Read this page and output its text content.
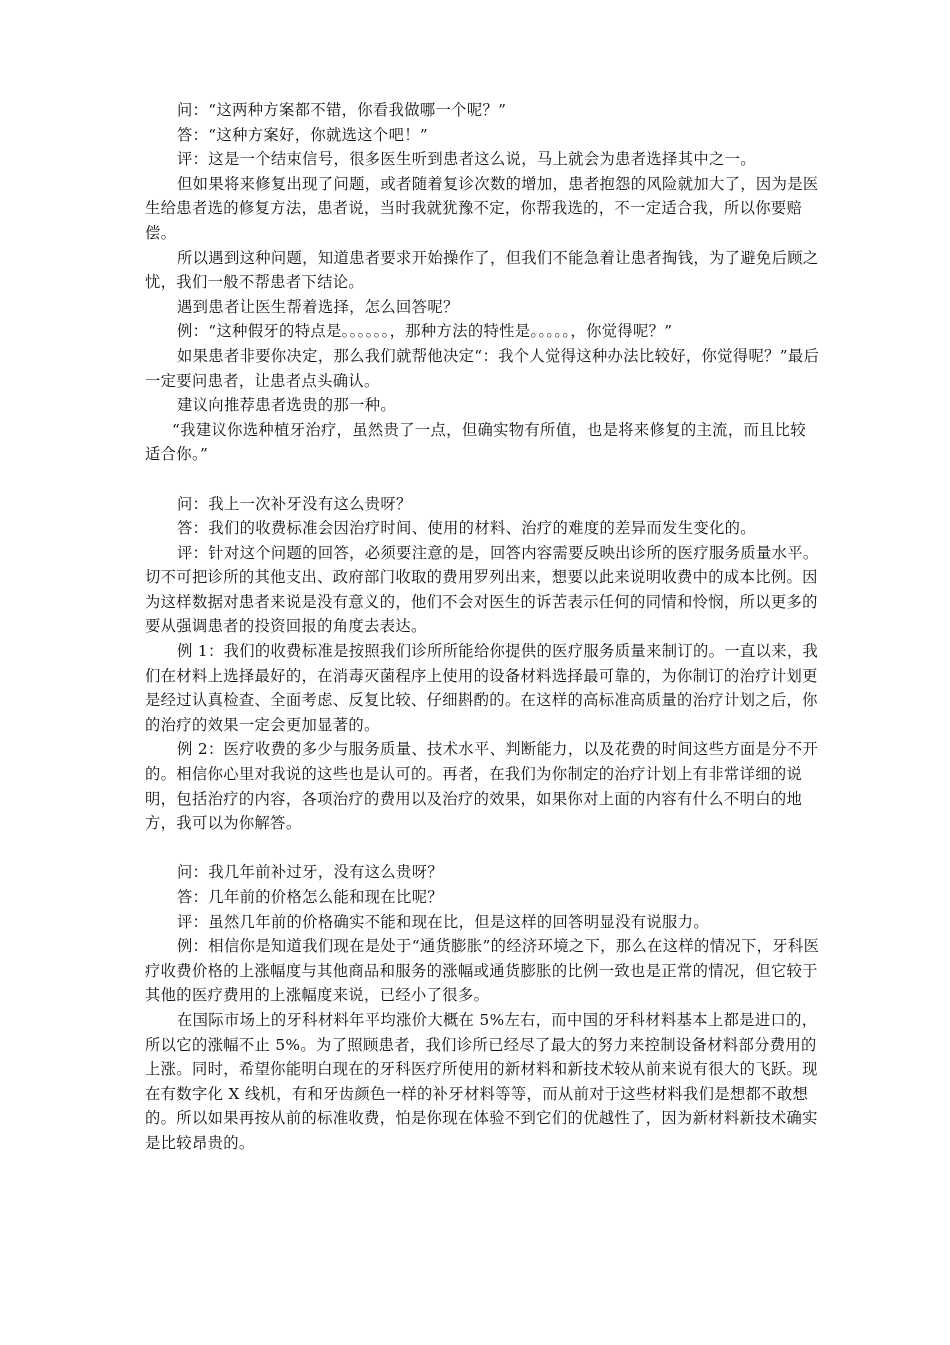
问：“这两种方案都不错，你看我做哪一个呢？”

答：“这种方案好，你就选这个吧！”

评：这是一个结束信号，很多医生听到患者这么说，马上就会为患者选择其中之一。

但如果将来修复出现了问题，或者随着复诊次数的增加，患者抱怨的风险就加大了，因为是医生给患者选的修复方法，患者说，当时我就犹豫不定，你帮我选的，不一定适合我，所以你要赔偿。

所以遇到这种问题，知道患者要求开始操作了，但我们不能急着让患者掏钱，为了避免后顾之忧，我们一般不帮患者下结论。

遇到患者让医生帮着选择，怎么回答呢？

例：“这种假牙的特点是。。。。。。，那种方法的特性是。。。。。，你觉得呢？”

如果患者非要你决定，那么我们就帮他决定“：我个人觉得这种办法比较好，你觉得呢？”最后一定要问患者，让患者点头确认。

建议向推荐患者选贵的那一种。

“我建议你选种植牙治疗，虽然贵了一点，但确实物有所值，也是将来修复的主流，而且比较适合你。”

问：我上一次补牙没有这么贵呀？

答：我们的收费标准会因治疗时间、使用的材料、治疗的难度的差异而发生变化的。

评：针对这个问题的回答，必须要注意的是，回答内容需要反映出诊所的医疗服务质量水平。切不可把诊所的其他支出、政府部门收取的费用罗列出来，想要以此来说明收费中的成本比例。因为这样数据对患者来说是没有意义的，他们不会对医生的诉苦表示任何的同情和怜悯，所以更多的要从强调患者的投资回报的角度去表达。

例 1：我们的收费标准是按照我们诊所所能给你提供的医疗服务质量来制订的。一直以来，我们在材料上选择最好的，在消毒灭菌程序上使用的设备材料选择最可靠的，为你制订的治疗计划更是经过认真检查、全面考虑、反复比较、仔细斟酌的。在这样的高标准高质量的治疗计划之后，你的治疗的效果一定会更加显著的。

例 2：医疗收费的多少与服务质量、技术水平、判断能力，以及花费的时间这些方面是分不开的。相信你心里对我说的这些也是认可的。再者，在我们为你制定的治疗计划上有非常详细的说明，包括治疗的内容，各项治疗的费用以及治疗的效果，如果你对上面的内容有什么不明白的地方，我可以为你解答。

问：我几年前补过牙，没有这么贵呀？

答：几年前的价格怎么能和现在比呢？

评：虽然几年前的价格确实不能和现在比，但是这样的回答明显没有说服力。

例：相信你是知道我们现在是处于“通货膨胀”的经济环境之下，那么在这样的情况下，牙科医疗收费价格的上涨幅度与其他商品和服务的涨幅或通货膨胀的比例一致也是正常的情况，但它较于其他的医疗费用的上涨幅度来说，已经小了很多。

在国际市场上的牙科材料年平均涨价大概在 5%左右，而中国的牙科材料基本上都是进口的，所以它的涨幅不止 5%。为了照顾患者，我们诊所已经尽了最大的努力来控制设备材料部分费用的上涨。同时，希望你能明白现在的牙科医疗所使用的新材料和新技术较从前来说有很大的飞跃。现在有数字化 X 线机，有和牙齿颜色一样的补牙材料等等，而从前对于这些材料我们是想都不敢想的。所以如果再按从前的标准收费，怕是你现在体验不到它们的优越性了，因为新材料新技术确实是比较昂贵的。
